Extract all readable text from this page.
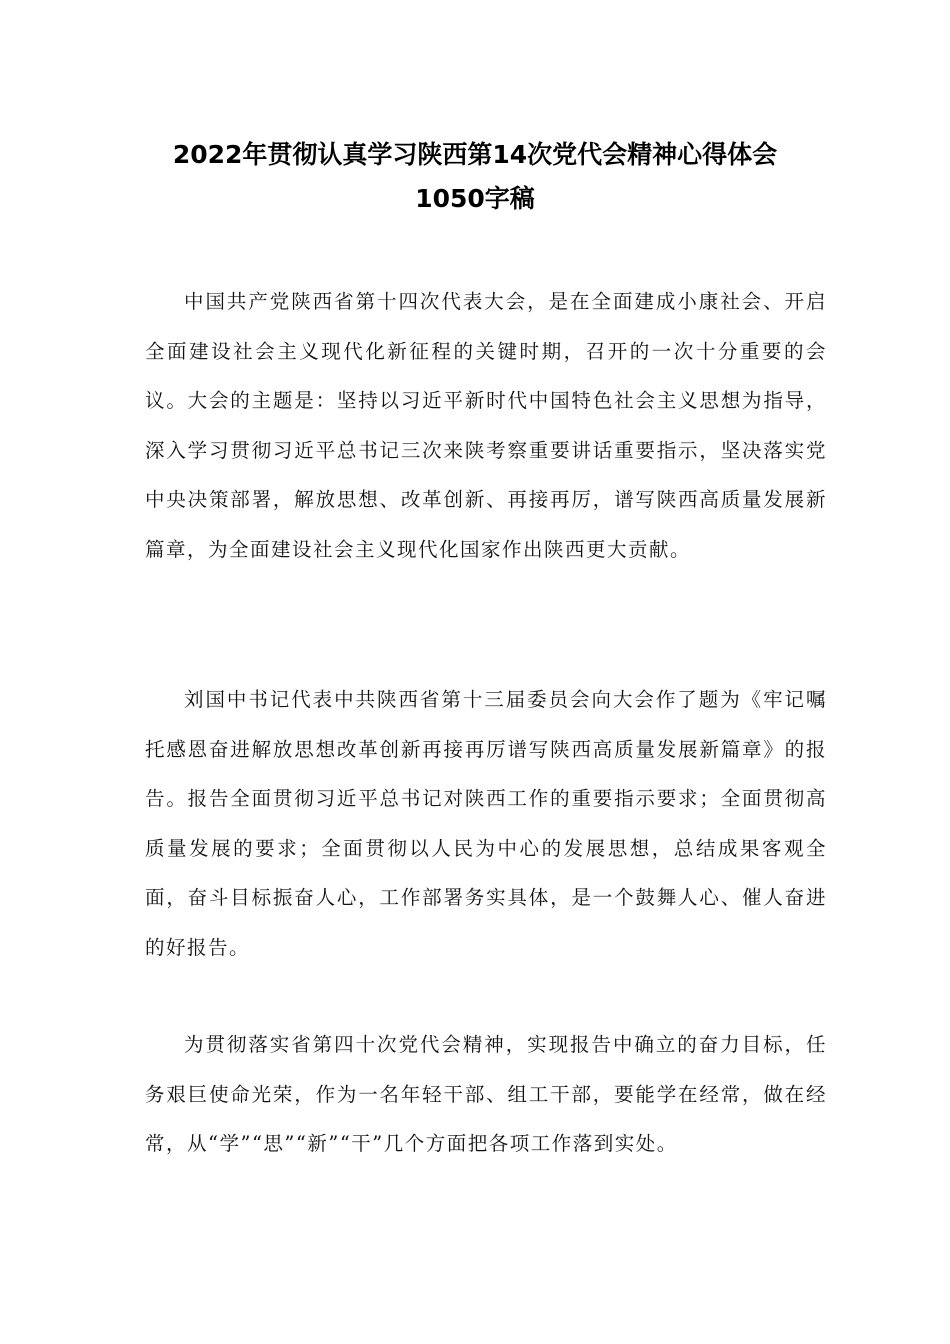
2022年贯彻认真学习陕西第14次党代会精神心得体会1050字稿

中国共产党陕西省第十四次代表大会，是在全面建成小康社会、开启全面建设社会主义现代化新征程的关键时期，召开的一次十分重要的会议。大会的主题是：坚持以习近平新时代中国特色社会主义思想为指导，深入学习贯彻习近平总书记三次来陕考察重要讲话重要指示，坚决落实党中央决策部署，解放思想、改革创新、再接再厉，谱写陕西高质量发展新篇章，为全面建设社会主义现代化国家作出陕西更大贡献。

刘国中书记代表中共陕西省第十三届委员会向大会作了题为《牢记嘱托感恩奋进解放思想改革创新再接再厉谱写陕西高质量发展新篇章》的报告。报告全面贯彻习近平总书记对陕西工作的重要指示要求；全面贯彻高质量发展的要求；全面贯彻以人民为中心的发展思想，总结成果客观全面，奋斗目标振奋人心，工作部署务实具体，是一个鼓舞人心、催人奋进的好报告。

为贯彻落实省第四十次党代会精神，实现报告中确立的奋力目标，任务艰巨使命光荣，作为一名年轻干部、组工干部，要能学在经常，做在经常，从“学”“思”“新”“干”几个方面把各项工作落到实处。
